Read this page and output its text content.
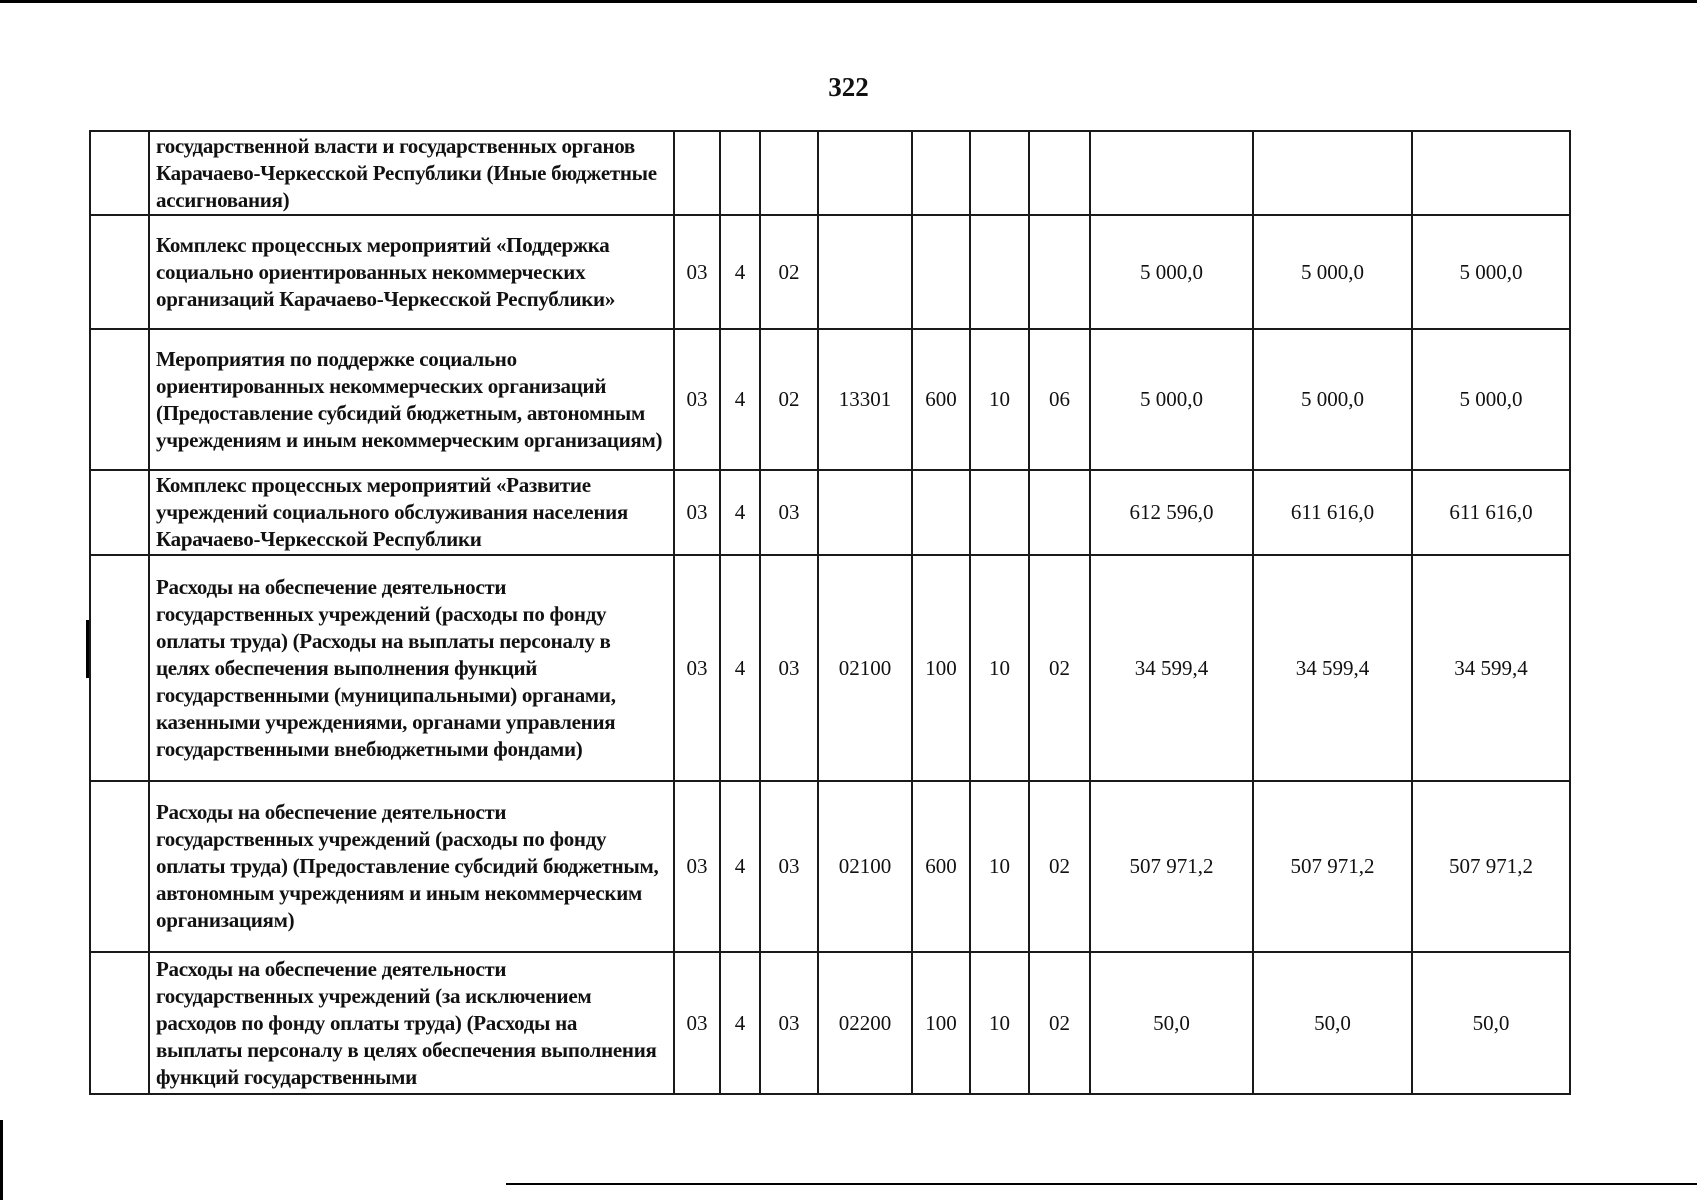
322
	государственной власти и государственных органов Карачаево-Черкесской Республики (Иные бюджетные ассигнования)										
	Комплекс процессных мероприятий «Поддержка социально ориентированных некоммерческих организаций Карачаево-Черкесской Республики»	03	4	02					5 000,0	5 000,0	5 000,0
	Мероприятия по поддержке социально ориентированных некоммерческих организаций (Предоставление субсидий бюджетным, автономным учреждениям и иным некоммерческим организациям)	03	4	02	13301	600	10	06	5 000,0	5 000,0	5 000,0
	Комплекс процессных мероприятий «Развитие учреждений социального обслуживания населения Карачаево-Черкесской Республики	03	4	03					612 596,0	611 616,0	611 616,0
	Расходы на обеспечение деятельности государственных учреждений (расходы по фонду оплаты труда) (Расходы на выплаты персоналу в целях обеспечения выполнения функций государственными (муниципальными) органами, казенными учреждениями, органами управления государственными внебюджетными фондами)	03	4	03	02100	100	10	02	34 599,4	34 599,4	34 599,4
	Расходы на обеспечение деятельности государственных учреждений (расходы по фонду оплаты труда) (Предоставление субсидий бюджетным, автономным учреждениям и иным некоммерческим организациям)	03	4	03	02100	600	10	02	507 971,2	507 971,2	507 971,2
	Расходы на обеспечение деятельности государственных учреждений (за исключением расходов по фонду оплаты труда) (Расходы на выплаты персоналу в целях обеспечения выполнения функций государственными	03	4	03	02200	100	10	02	50,0	50,0	50,0
